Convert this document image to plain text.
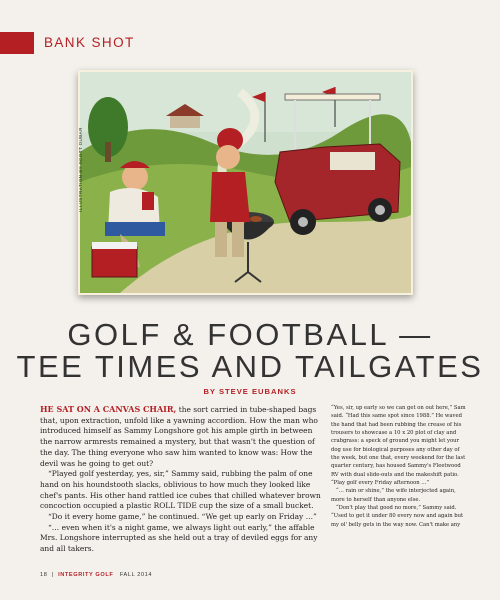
BANK SHOT
ILLUSTRATION BY SCOTT DUBAR
GOLF & FOOTBALL —
TEE TIMES AND TAILGATES
BY STEVE EUBANKS

HE SAT ON A CANVAS CHAIR, the sort carried in tube-shaped bags that, upon extraction, unfold like a yawning accordion. How the man who introduced himself as Sammy Longshore got his ample girth in between the narrow armrests remained a mystery, but that wasn't the question of the day. The thing everyone who saw him wanted to know was: How the devil was he going to get out?

“Played golf yesterday, yes, sir,” Sammy said, rubbing the palm of one hand on his houndstooth slacks, oblivious to how much they looked like chef's pants. His other hand rattled ice cubes that chilled whatever brown concoction occupied a plastic ROLL TIDE cup the size of a small bucket.

“Do it every home game,” he continued. “We get up early on Friday …”

“… even when it's a night game, we always light out early,” the affable Mrs. Longshore interrupted as she held out a tray of deviled eggs for any and all takers.

“Yes, sir, up early so we can get on out here,” Sam said. “Had this same spot since 1988.” He waved the hand that had been rubbing the crease of his trousers to showcase a 10 x 20 plot of clay and crabgrass: a speck of ground you might let your dog use for biological purposes any other day of the week, but one that, every weekend for the last quarter century, has housed Sammy's Fleetwood RV with dual slide-outs and the makeshift patio. “Play golf every Friday afternoon …”

“… rain or shine,” the wife interjected again, more to herself than anyone else.

“Don't play that good no more,” Sammy said. “Used to get it under 80 every now and again but my ol' belly gets in the way now. Can't make any

18  |  INTEGRITY GOLF FALL 2014
